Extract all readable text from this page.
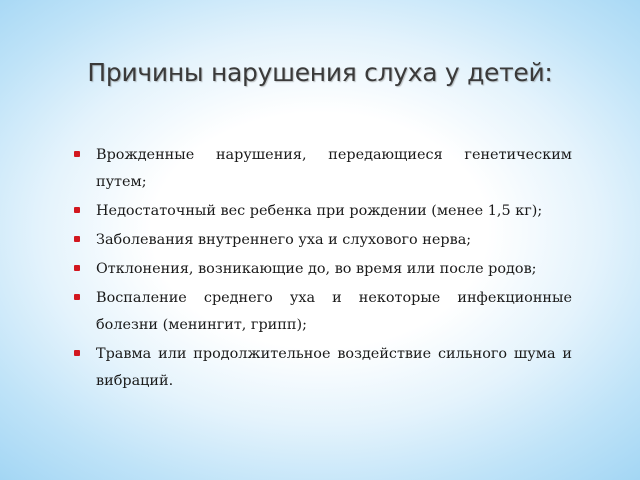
Причины нарушения слуха у детей:
Врожденные нарушения, передающиеся генетическим путем;
Недостаточный вес ребенка при рождении (менее 1,5 кг);
Заболевания внутреннего уха и слухового нерва;
Отклонения, возникающие до, во время или после родов;
Воспаление среднего уха и некоторые инфекционные болезни (менингит, грипп);
Травма или продолжительное воздействие сильного шума и вибраций.
